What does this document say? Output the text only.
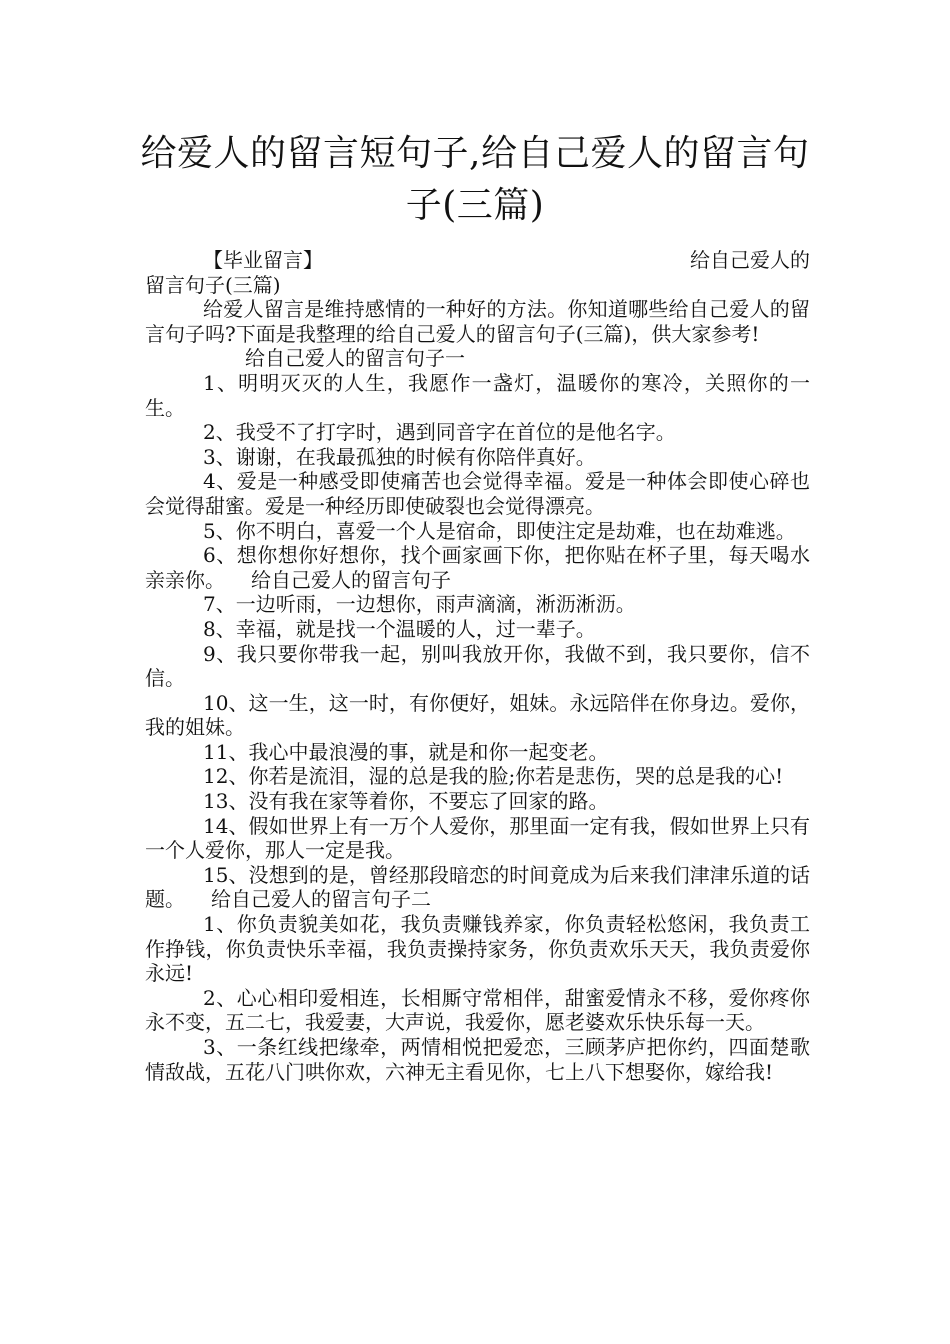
给爱人的留言短句子,给自己爱人的留言句子(三篇)

【毕业留言】	给自己爱人的

留言句子(三篇)

给爱人留言是维持感情的一种好的方法。你知道哪些给自己爱人的留言句子吗?下面是我整理的给自己爱人的留言句子(三篇)，供大家参考!

给自己爱人的留言句子一

1、明明灭灭的人生，我愿作一盏灯，温暖你的寒冷，关照你的一生。

2、我受不了打字时，遇到同音字在首位的是他名字。

3、谢谢，在我最孤独的时候有你陪伴真好。

4、爱是一种感受即使痛苦也会觉得幸福。爱是一种体会即使心碎也会觉得甜蜜。爱是一种经历即使破裂也会觉得漂亮。

5、你不明白，喜爱一个人是宿命，即使注定是劫难，也在劫难逃。

6、想你想你好想你，找个画家画下你，把你贴在杯子里，每天喝水亲亲你。 给自己爱人的留言句子

7、一边听雨，一边想你，雨声滴滴，淅沥淅沥。

8、幸福，就是找一个温暖的人，过一辈子。

9、我只要你带我一起，别叫我放开你，我做不到，我只要你，信不信。

10、这一生，这一时，有你便好，姐妹。永远陪伴在你身边。爱你，我的姐妹。

11、我心中最浪漫的事，就是和你一起变老。

12、你若是流泪，湿的总是我的脸;你若是悲伤，哭的总是我的心!

13、没有我在家等着你，不要忘了回家的路。

14、假如世界上有一万个人爱你，那里面一定有我，假如世界上只有一个人爱你，那人一定是我。

15、没想到的是，曾经那段暗恋的时间竟成为后来我们津津乐道的话题。 给自己爱人的留言句子二

1、你负责貌美如花，我负责赚钱养家，你负责轻松悠闲，我负责工作挣钱，你负责快乐幸福，我负责操持家务，你负责欢乐天天，我负责爱你永远!

2、心心相印爱相连，长相厮守常相伴，甜蜜爱情永不移，爱你疼你永不变，五二七，我爱妻，大声说，我爱你，愿老婆欢乐快乐每一天。

3、一条红线把缘牵，两情相悦把爱恋，三顾茅庐把你约，四面楚歌情敌战，五花八门哄你欢，六神无主看见你，七上八下想娶你，嫁给我!
